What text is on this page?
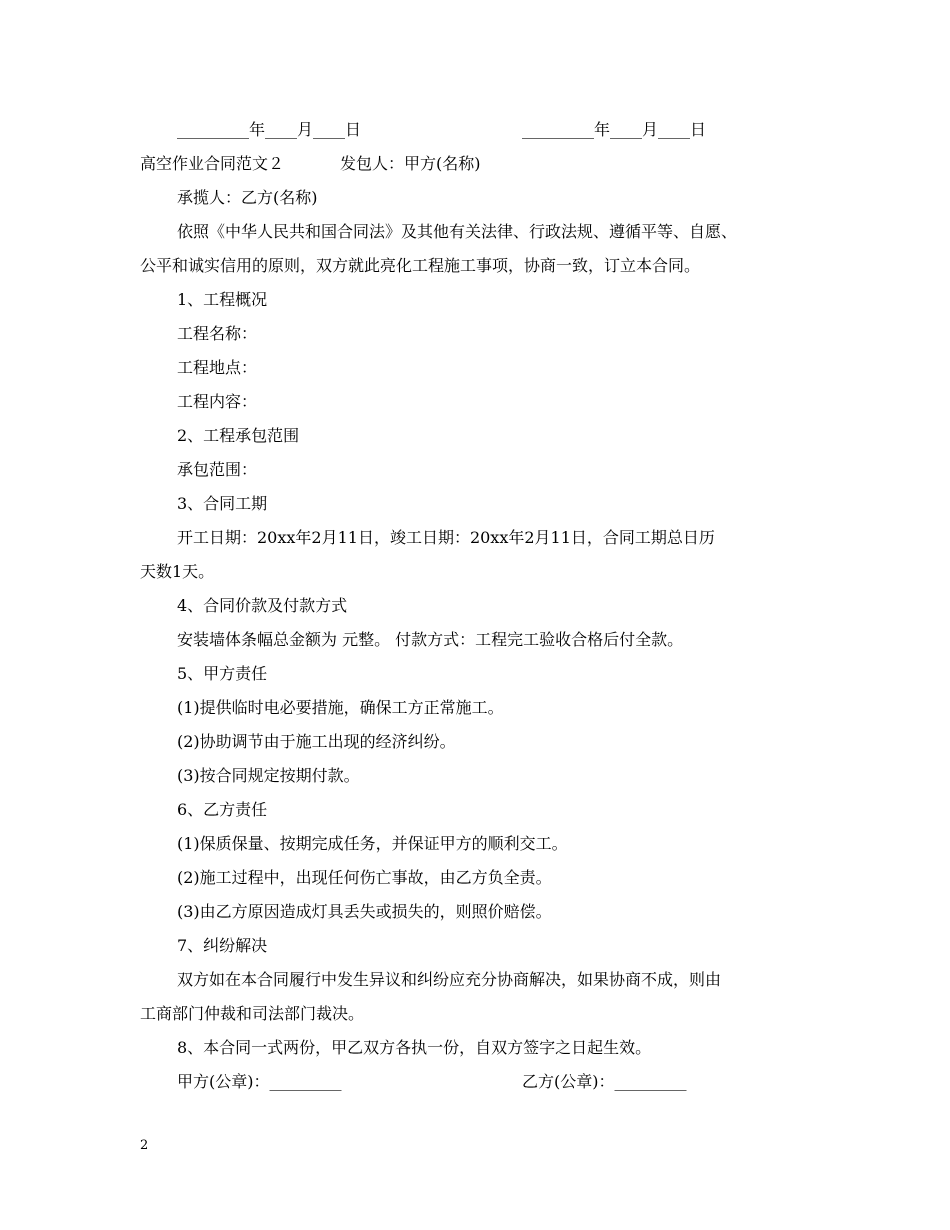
_________年____月____日	_________年____月____日
高空作业合同范文２	发包人：甲方(名称)
承揽人：乙方(名称)
依照《中华人民共和国合同法》及其他有关法律、行政法规、遵循平等、自愿、
公平和诚实信用的原则，双方就此亮化工程施工事项，协商一致，订立本合同。
1、工程概况
工程名称：
工程地点：
工程内容：
2、工程承包范围
承包范围：
3、合同工期
开工日期：20xx年2月11日，竣工日期：20xx年2月11日，合同工期总日历
天数1天。
4、合同价款及付款方式
安装墙体条幅总金额为 元整。 付款方式：工程完工验收合格后付全款。
5、甲方责任
(1)提供临时电必要措施，确保工方正常施工。
(2)协助调节由于施工出现的经济纠纷。
(3)按合同规定按期付款。
6、乙方责任
(1)保质保量、按期完成任务，并保证甲方的顺利交工。
(2)施工过程中，出现任何伤亡事故，由乙方负全责。
(3)由乙方原因造成灯具丢失或损失的，则照价赔偿。
7、纠纷解决
双方如在本合同履行中发生异议和纠纷应充分协商解决，如果协商不成，则由
工商部门仲裁和司法部门裁决。
8、本合同一式两份，甲乙双方各执一份，自双方签字之日起生效。
甲方(公章)：_________	乙方(公章)：_________
2
